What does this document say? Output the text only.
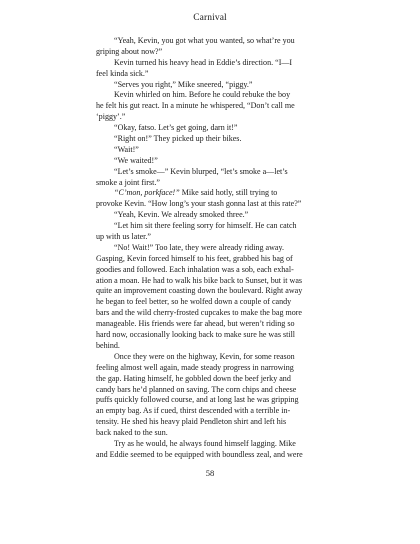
Carnival
“Yeah, Kevin, you got what you wanted, so what’re you
griping about now?”
Kevin turned his heavy head in Eddie’s direction. “I—I
feel kinda sick.”
“Serves you right,” Mike sneered, “piggy.”
Kevin whirled on him. Before he could rebuke the boy
he felt his gut react. In a minute he whispered, “Don’t call me
‘piggy’.”
“Okay, fatso. Let’s get going, darn it!”
“Right on!” They picked up their bikes.
“Wait!”
“We waited!”
“Let’s smoke—” Kevin blurped, “let’s smoke a—let’s
smoke a joint first.”
“C’mon, porkface!” Mike said hotly, still trying to
provoke Kevin. “How long’s your stash gonna last at this rate?”
“Yeah, Kevin. We already smoked three.”
“Let him sit there feeling sorry for himself. He can catch
up with us later.”
“No! Wait!” Too late, they were already riding away.
Gasping, Kevin forced himself to his feet, grabbed his bag of
goodies and followed. Each inhalation was a sob, each exhal-
ation a moan. He had to walk his bike back to Sunset, but it was
quite an improvement coasting down the boulevard. Right away
he began to feel better, so he wolfed down a couple of candy
bars and the wild cherry-frosted cupcakes to make the bag more
manageable. His friends were far ahead, but weren’t riding so
hard now, occasionally looking back to make sure he was still
behind.
Once they were on the highway, Kevin, for some reason
feeling almost well again, made steady progress in narrowing
the gap. Hating himself, he gobbled down the beef jerky and
candy bars he’d planned on saving. The corn chips and cheese
puffs quickly followed course, and at long last he was gripping
an empty bag. As if cued, thirst descended with a terrible in-
tensity. He shed his heavy plaid Pendleton shirt and left his
back naked to the sun.
Try as he would, he always found himself lagging. Mike
and Eddie seemed to be equipped with boundless zeal, and were
58
